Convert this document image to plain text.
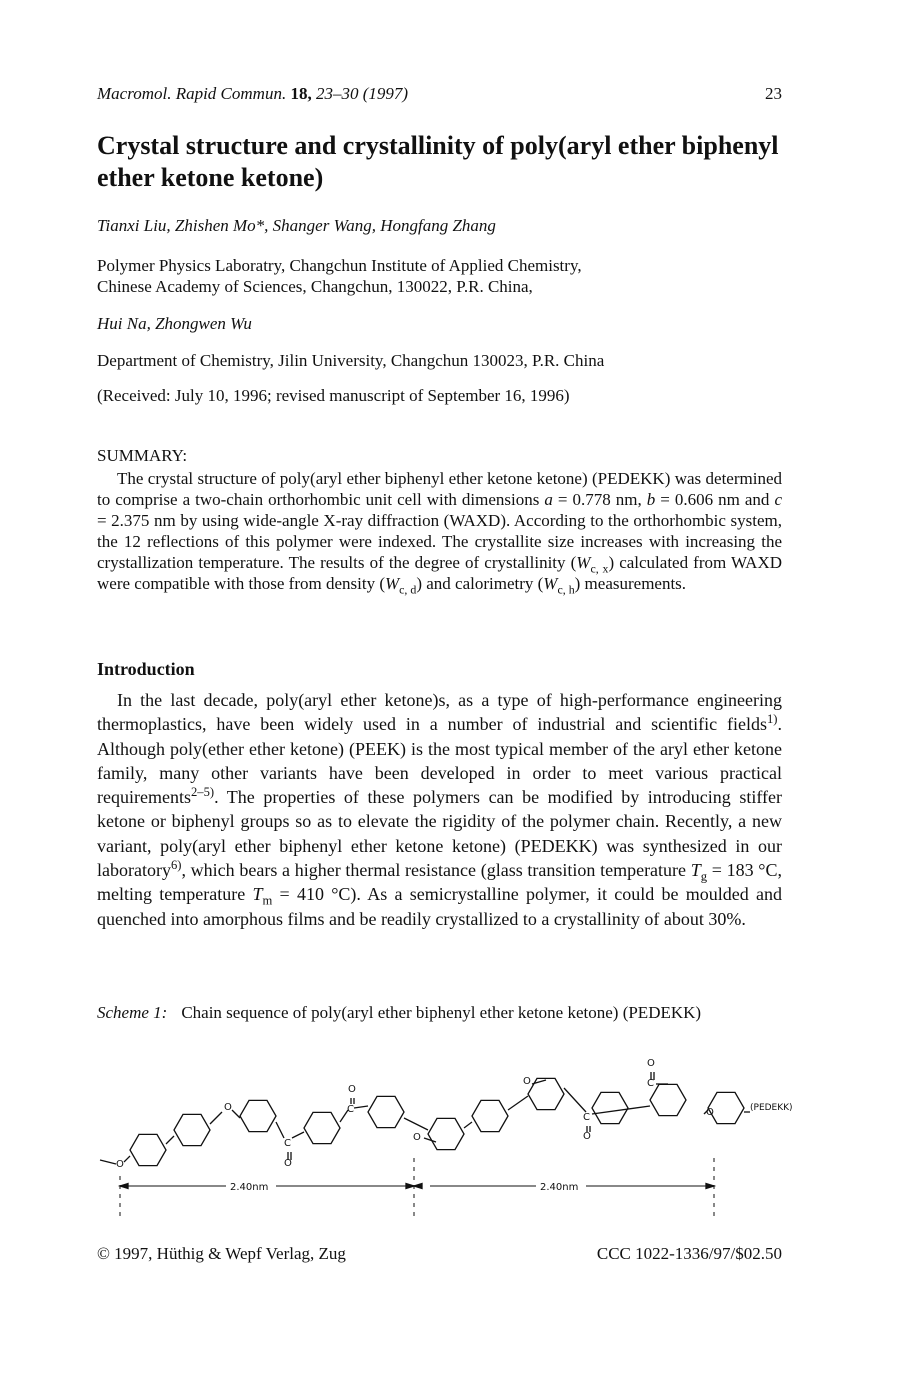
Macromol. Rapid Commun. 18, 23–30 (1997)	23
Crystal structure and crystallinity of poly(aryl ether biphenyl ether ketone ketone)
Tianxi Liu, Zhishen Mo*, Shanger Wang, Hongfang Zhang
Polymer Physics Laboratry, Changchun Institute of Applied Chemistry,
Chinese Academy of Sciences, Changchun, 130022, P.R. China,
Hui Na, Zhongwen Wu
Department of Chemistry, Jilin University, Changchun 130023, P.R. China
(Received: July 10, 1996; revised manuscript of September 16, 1996)
SUMMARY:
The crystal structure of poly(aryl ether biphenyl ether ketone ketone) (PEDEKK) was determined to comprise a two-chain orthorhombic unit cell with dimensions a = 0.778 nm, b = 0.606 nm and c = 2.375 nm by using wide-angle X-ray diffraction (WAXD). According to the orthorhombic system, the 12 reflections of this polymer were indexed. The crystallite size increases with increasing the crystallization temperature. The results of the degree of crystallinity $(W_{c, x})$ calculated from WAXD were compatible with those from density $(W_{c, d})$ and calorimetry $(W_{c, h})$ measurements.
Introduction
In the last decade, poly(aryl ether ketone)s, as a type of high-performance engineering thermoplastics, have been widely used in a number of industrial and scientific fields$^{1)}$. Although poly(ether ether ketone) (PEEK) is the most typical member of the aryl ether ketone family, many other variants have been developed in order to meet various practical requirements$^{2-5)}$. The properties of these polymers can be modified by introducing stiffer ketone or biphenyl groups so as to elevate the rigidity of the polymer chain. Recently, a new variant, poly(aryl ether biphenyl ether ketone ketone) (PEDEKK) was synthesized in our laboratory$^{6)}$, which bears a higher thermal resistance (glass transition temperature $T_g = 183$ °C, melting temperature $T_m = 410$ °C). As a semicrystalline polymer, it could be moulded and quenched into amorphous films and be readily crystallized to a crystallinity of about 30%.
Scheme 1: Chain sequence of poly(aryl ether biphenyl ether ketone ketone) (PEDEKK)
O
O
C
O
O
C
O
O
C
O
O
C
O	(PEDEKK)
2.40nm	2.40nm
© 1997, Hüthig & Wepf Verlag, Zug	CCC 1022-1336/97/$02.50
